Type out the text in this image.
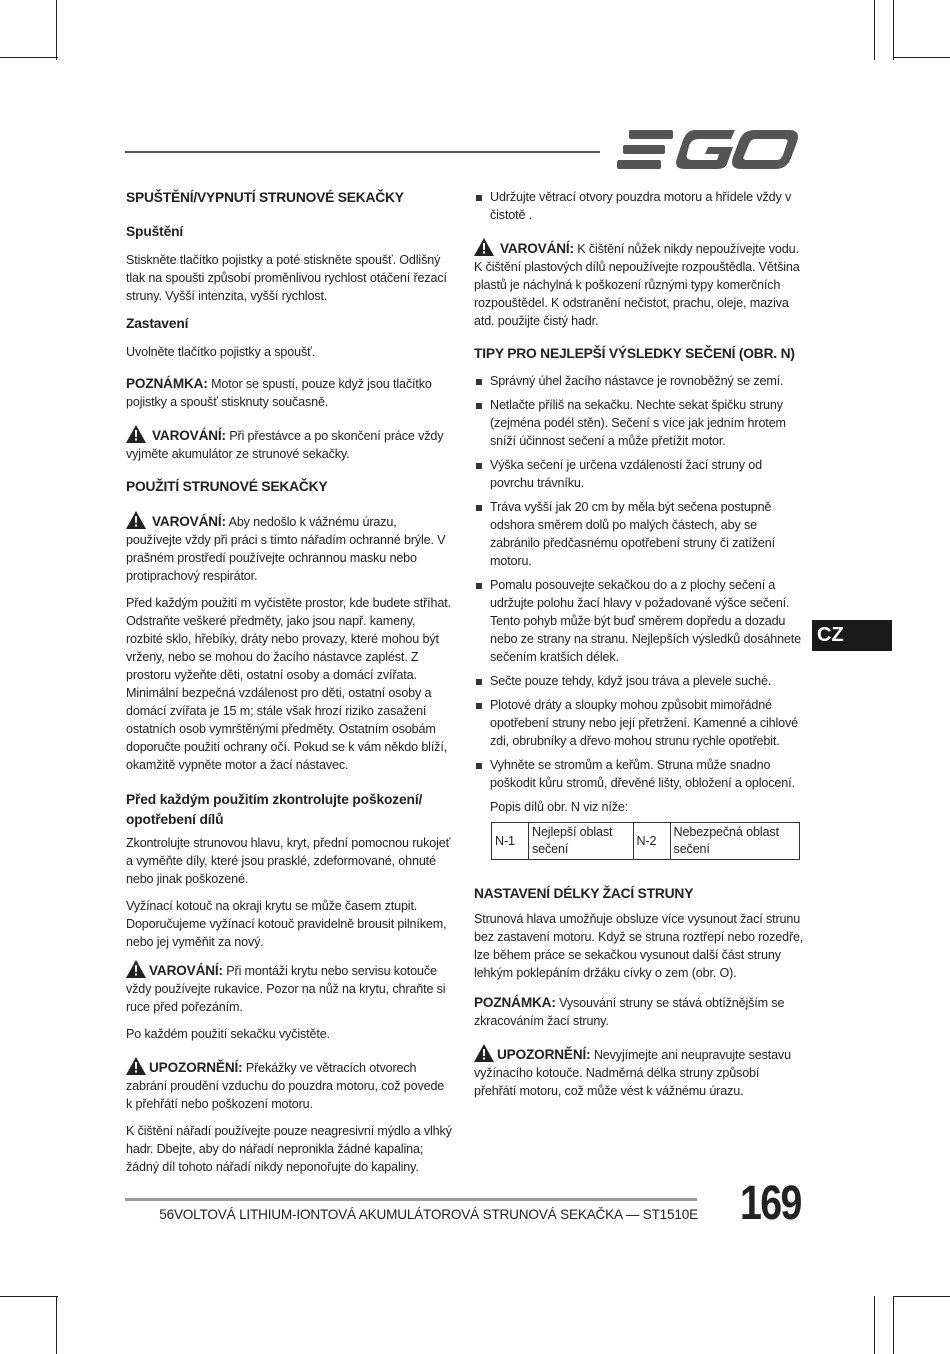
SPUŠTĚNÍ/VYPNUTÍ STRUNOVÉ SEKAČKY
Spuštění

Stiskněte tlačítko pojistky a poté stiskněte spoušť. Odlišný tlak na spoušti způsobí proměnlivou rychlost otáčení řezací struny. Vyšší intenzita, vyšší rychlost.

Zastavení

Uvolněte tlačítko pojistky a spoušť.

POZNÁMKA: Motor se spustí, pouze když jsou tlačítko pojistky a spoušť stisknuty současně.

VAROVÁNÍ: Při přestávce a po skončení práce vždy vyjměte akumulátor ze strunové sekačky.

POUŽITÍ STRUNOVÉ SEKAČKY

VAROVÁNÍ: Aby nedošlo k vážnému úrazu, používejte vždy při práci s tímto nářadím ochranné brýle. V prašném prostředí používejte ochrannou masku nebo protiprachový respirátor.

Před každým použití m vyčistěte prostor, kde budete stříhat. Odstraňte veškeré předměty, jako jsou např. kameny, rozbité sklo, hřebíky, dráty nebo provazy, které mohou být vrženy, nebo se mohou do žacího nástavce zaplést. Z prostoru vyžeňte děti, ostatní osoby a domácí zvířata. Minimální bezpečná vzdálenost pro děti, ostatní osoby a domácí zvířata je 15 m; stále však hrozí riziko zasažení ostatních osob vymrštěnými předměty. Ostatním osobám doporučte použití ochrany očí. Pokud se k vám někdo blíží, okamžitě vypněte motor a žací nástavec.

Před každým použitím zkontrolujte poškození/ opotřebení dílů

Zkontrolujte strunovou hlavu, kryt, přední pomocnou rukojeť a vyměňte díly, které jsou prasklé, zdeformované, ohnuté nebo jinak poškozené.

Vyžínací kotouč na okraji krytu se může časem ztupit. Doporučujeme vyžínací kotouč pravidelně brousit pilníkem, nebo jej vyměňit za nový.

VAROVÁNÍ: Při montáži krytu nebo servisu kotouče vždy používejte rukavice. Pozor na nůž na krytu, chraňte si ruce před pořezáním.

Po každém použití sekačku vyčistěte.

UPOZORNĚNÍ: Překážky ve větracích otvorech zabrání proudění vzduchu do pouzdra motoru, což povede k přehřátí nebo poškození motoru.

K čištění nářadí používejte pouze neagresivní mýdlo a vlhký hadr. Dbejte, aby do nářadí nepronikla žádné kapalina; žádný díl tohoto nářadí nikdy neponořujte do kapaliny.

Udržujte větrací otvory pouzdra motoru a hřídele vždy v čistotě .

VAROVÁNÍ: K čištění nůžek nikdy nepoužívejte vodu. K čištění plastových dílů nepoužívejte rozpouštědla. Většina plastů je náchylná k poškození různými typy komerčních rozpouštědel. K odstranění nečistot, prachu, oleje, maziva atd. použijte čistý hadr.

TIPY PRO NEJLEPŠÍ VÝSLEDKY SEČENÍ (OBR. N)
Správný úhel žacího nástavce je rovnoběžný se zemí.
Netlačte příliš na sekačku. Nechte sekat špičku struny (zejména podél stěn). Sečení s více jak jedním hrotem sníží účinnost sečení a může přetížit motor.
Výška sečení je určena vzdáleností žací struny od povrchu trávníku.
Tráva vyšší jak 20 cm by měla být sečena postupně odshora směrem dolů po malých částech, aby se zabránilo předčasnému opotřebení struny či zatížení motoru.
Pomalu posouvejte sekačkou do a z plochy sečení a udržujte polohu žací hlavy v požadované výšce sečení. Tento pohyb může být buď směrem dopředu a dozadu nebo ze strany na stranu. Nejlepších výsledků dosáhnete sečením kratších délek.
Sečte pouze tehdy, když jsou tráva a plevele suché.
Plotové dráty a sloupky mohou způsobit mimořádné opotřebení struny nebo její přetržení. Kamenné a cihlové zdi, obrubníky a dřevo mohou strunu rychle opotřebit.
Vyhněte se stromům a keřům. Struna může snadno poškodit kůru stromů, dřevěné lišty, obložení a oplocení.

Popis dílů obr. N viz níže:

N-1	Nejlepší oblast sečení	N-2	Nebezpečná oblast sečení
NASTAVENÍ DÉLKY ŽACÍ STRUNY

Strunová hlava umožňuje obsluze více vysunout žací strunu bez zastavení motoru. Když se struna roztřepí nebo rozedře, lze během práce se sekačkou vysunout další část struny lehkým poklepáním držáku cívky o zem (obr. O).

POZNÁMKA: Vysouvání struny se stává obtížnějším se zkracováním žací struny.

UPOZORNĚNÍ: Nevyjímejte ani neupravujte sestavu vyžínacího kotouče. Nadměrná délka struny způsobí přehřátí motoru, což může vést k vážnému úrazu.

CZ
56VOLTOVÁ LITHIUM-IONTOVÁ AKUMULÁTOROVÁ STRUNOVÁ SEKAČKA — ST1510E 169
